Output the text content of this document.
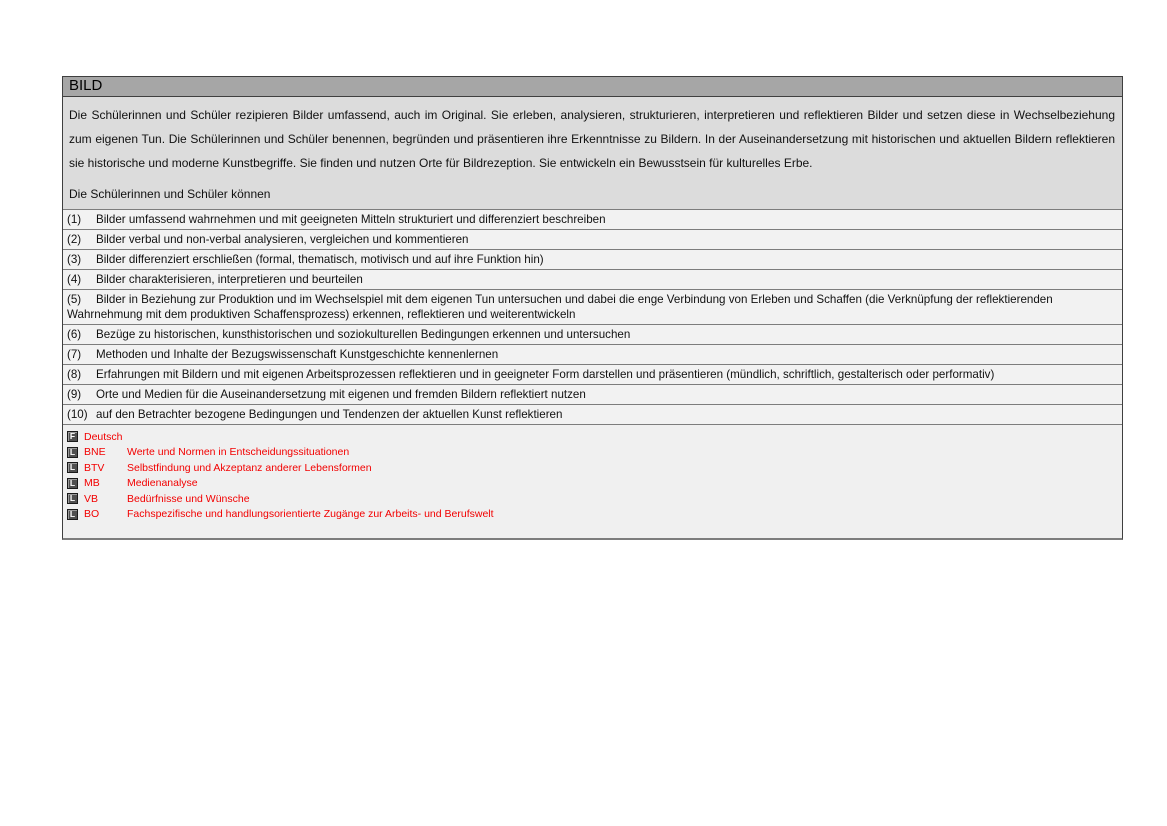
BILD

Die Schülerinnen und Schüler rezipieren Bilder umfassend, auch im Original. Sie erleben, analysieren, strukturieren, interpretieren und reflektieren Bilder und setzen diese in Wechselbeziehung zum eigenen Tun. Die Schülerinnen und Schüler benennen, begründen und präsentieren ihre Erkenntnisse zu Bildern. In der Auseinandersetzung mit historischen und aktuellen Bildern reflektieren sie historische und moderne Kunstbegriffe. Sie finden und nutzen Orte für Bildrezeption. Sie entwickeln ein Bewusstsein für kulturelles Erbe.

Die Schülerinnen und Schüler können

(1) Bilder umfassend wahrnehmen und mit geeigneten Mitteln strukturiert und differenziert beschreiben
(2) Bilder verbal und non-verbal analysieren, vergleichen und kommentieren
(3) Bilder differenziert erschließen (formal, thematisch, motivisch und auf ihre Funktion hin)
(4) Bilder charakterisieren, interpretieren und beurteilen
(5) Bilder in Beziehung zur Produktion und im Wechselspiel mit dem eigenen Tun untersuchen und dabei die enge Verbindung von Erleben und Schaffen (die Verknüpfung der reflektierenden Wahrnehmung mit dem produktiven Schaffensprozess) erkennen, reflektieren und weiterentwickeln
(6) Bezüge zu historischen, kunsthistorischen und soziokulturellen Bedingungen erkennen und untersuchen
(7) Methoden und Inhalte der Bezugswissenschaft Kunstgeschichte kennenlernen
(8) Erfahrungen mit Bildern und mit eigenen Arbeitsprozessen reflektieren und in geeigneter Form darstellen und präsentieren (mündlich, schriftlich, gestalterisch oder performativ)
(9) Orte und Medien für die Auseinandersetzung mit eigenen und fremden Bildern reflektiert nutzen
(10) auf den Betrachter bezogene Bedingungen und Tendenzen der aktuellen Kunst reflektieren
F Deutsch
L BNE	Werte und Normen in Entscheidungssituationen
L BTV	Selbstfindung und Akzeptanz anderer Lebensformen
L MB	Medienanalyse
L VB	Bedürfnisse und Wünsche
L BO	Fachspezifische und handlungsorientierte Zugänge zur Arbeits- und Berufswelt
